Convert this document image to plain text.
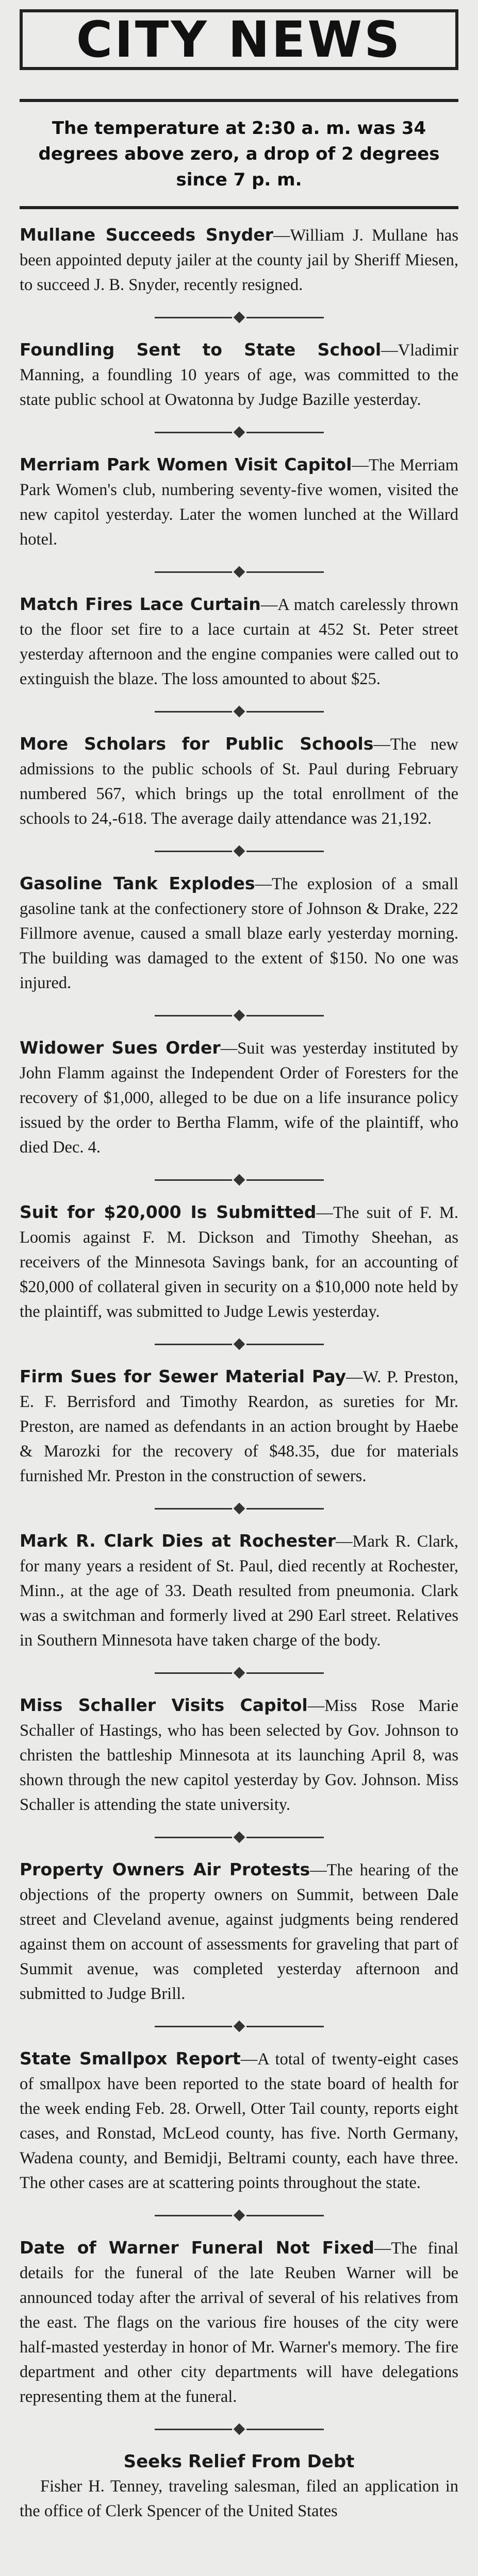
CITY NEWS
The temperature at 2:30 a. m. was 34 degrees above zero, a drop of 2 degrees since 7 p. m.

Mullane Succeeds Snyder—William J. Mullane has been appointed deputy jailer at the county jail by Sheriff Miesen, to succeed J. B. Snyder, recently resigned.

Foundling Sent to State School—Vladimir Manning, a foundling 10 years of age, was committed to the state public school at Owatonna by Judge Bazille yesterday.

Merriam Park Women Visit Capitol—The Merriam Park Women's club, numbering seventy-five women, visited the new capitol yesterday. Later the women lunched at the Willard hotel.

Match Fires Lace Curtain—A match carelessly thrown to the floor set fire to a lace curtain at 452 St. Peter street yesterday afternoon and the engine companies were called out to extinguish the blaze. The loss amounted to about $25.

More Scholars for Public Schools—The new admissions to the public schools of St. Paul during February numbered 567, which brings up the total enrollment of the schools to 24,-618. The average daily attendance was 21,192.

Gasoline Tank Explodes—The explosion of a small gasoline tank at the confectionery store of Johnson & Drake, 222 Fillmore avenue, caused a small blaze early yesterday morning. The building was damaged to the extent of $150. No one was injured.

Widower Sues Order—Suit was yesterday instituted by John Flamm against the Independent Order of Foresters for the recovery of $1,000, alleged to be due on a life insurance policy issued by the order to Bertha Flamm, wife of the plaintiff, who died Dec. 4.

Suit for $20,000 Is Submitted—The suit of F. M. Loomis against F. M. Dickson and Timothy Sheehan, as receivers of the Minnesota Savings bank, for an accounting of $20,000 of collateral given in security on a $10,000 note held by the plaintiff, was submitted to Judge Lewis yesterday.

Firm Sues for Sewer Material Pay—W. P. Preston, E. F. Berrisford and Timothy Reardon, as sureties for Mr. Preston, are named as defendants in an action brought by Haebe & Marozki for the recovery of $48.35, due for materials furnished Mr. Preston in the construction of sewers.

Mark R. Clark Dies at Rochester—Mark R. Clark, for many years a resident of St. Paul, died recently at Rochester, Minn., at the age of 33. Death resulted from pneumonia. Clark was a switchman and formerly lived at 290 Earl street. Relatives in Southern Minnesota have taken charge of the body.

Miss Schaller Visits Capitol—Miss Rose Marie Schaller of Hastings, who has been selected by Gov. Johnson to christen the battleship Minnesota at its launching April 8, was shown through the new capitol yesterday by Gov. Johnson. Miss Schaller is attending the state university.

Property Owners Air Protests—The hearing of the objections of the property owners on Summit, between Dale street and Cleveland avenue, against judgments being rendered against them on account of assessments for graveling that part of Summit avenue, was completed yesterday afternoon and submitted to Judge Brill.

State Smallpox Report—A total of twenty-eight cases of smallpox have been reported to the state board of health for the week ending Feb. 28. Orwell, Otter Tail county, reports eight cases, and Ronstad, McLeod county, has five. North Germany, Wadena county, and Bemidji, Beltrami county, each have three. The other cases are at scattering points throughout the state.

Date of Warner Funeral Not Fixed—The final details for the funeral of the late Reuben Warner will be announced today after the arrival of several of his relatives from the east. The flags on the various fire houses of the city were half-masted yesterday in honor of Mr. Warner's memory. The fire department and other city departments will have delegations representing them at the funeral.

Seeks Relief From Debt

Fisher H. Tenney, traveling salesman, filed an application in the office of Clerk Spencer of the United States
